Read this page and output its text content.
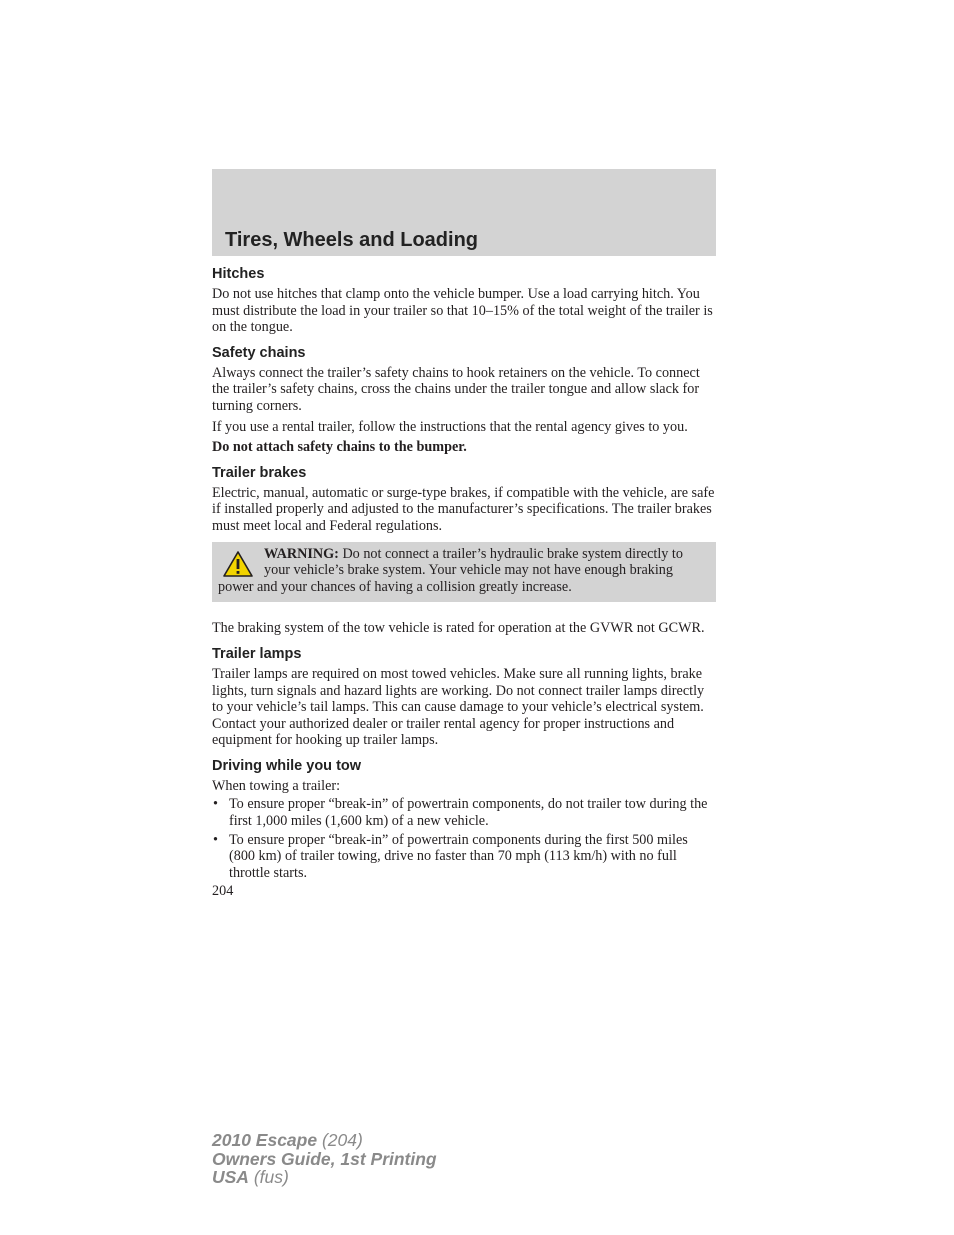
Tires, Wheels and Loading
Hitches

Do not use hitches that clamp onto the vehicle bumper. Use a load carrying hitch. You must distribute the load in your trailer so that 10–15% of the total weight of the trailer is on the tongue.

Safety chains

Always connect the trailer’s safety chains to hook retainers on the vehicle. To connect the trailer’s safety chains, cross the chains under the trailer tongue and allow slack for turning corners.

If you use a rental trailer, follow the instructions that the rental agency gives to you.

Do not attach safety chains to the bumper.

Trailer brakes

Electric, manual, automatic or surge-type brakes, if compatible with the vehicle, are safe if installed properly and adjusted to the manufacturer’s specifications. The trailer brakes must meet local and Federal regulations.

WARNING: Do not connect a trailer’s hydraulic brake system directly to your vehicle’s brake system. Your vehicle may not have enough braking power and your chances of having a collision greatly increase.

The braking system of the tow vehicle is rated for operation at the GVWR not GCWR.

Trailer lamps

Trailer lamps are required on most towed vehicles. Make sure all running lights, brake lights, turn signals and hazard lights are working. Do not connect trailer lamps directly to your vehicle’s tail lamps. This can cause damage to your vehicle’s electrical system. Contact your authorized dealer or trailer rental agency for proper instructions and equipment for hooking up trailer lamps.

Driving while you tow

When towing a trailer:

• To ensure proper “break-in” of powertrain components, do not trailer tow during the first 1,000 miles (1,600 km) of a new vehicle.
• To ensure proper “break-in” of powertrain components during the first 500 miles (800 km) of trailer towing, drive no faster than 70 mph (113 km/h) with no full throttle starts.
204
2010 Escape (204)
Owners Guide, 1st Printing
USA (fus)
